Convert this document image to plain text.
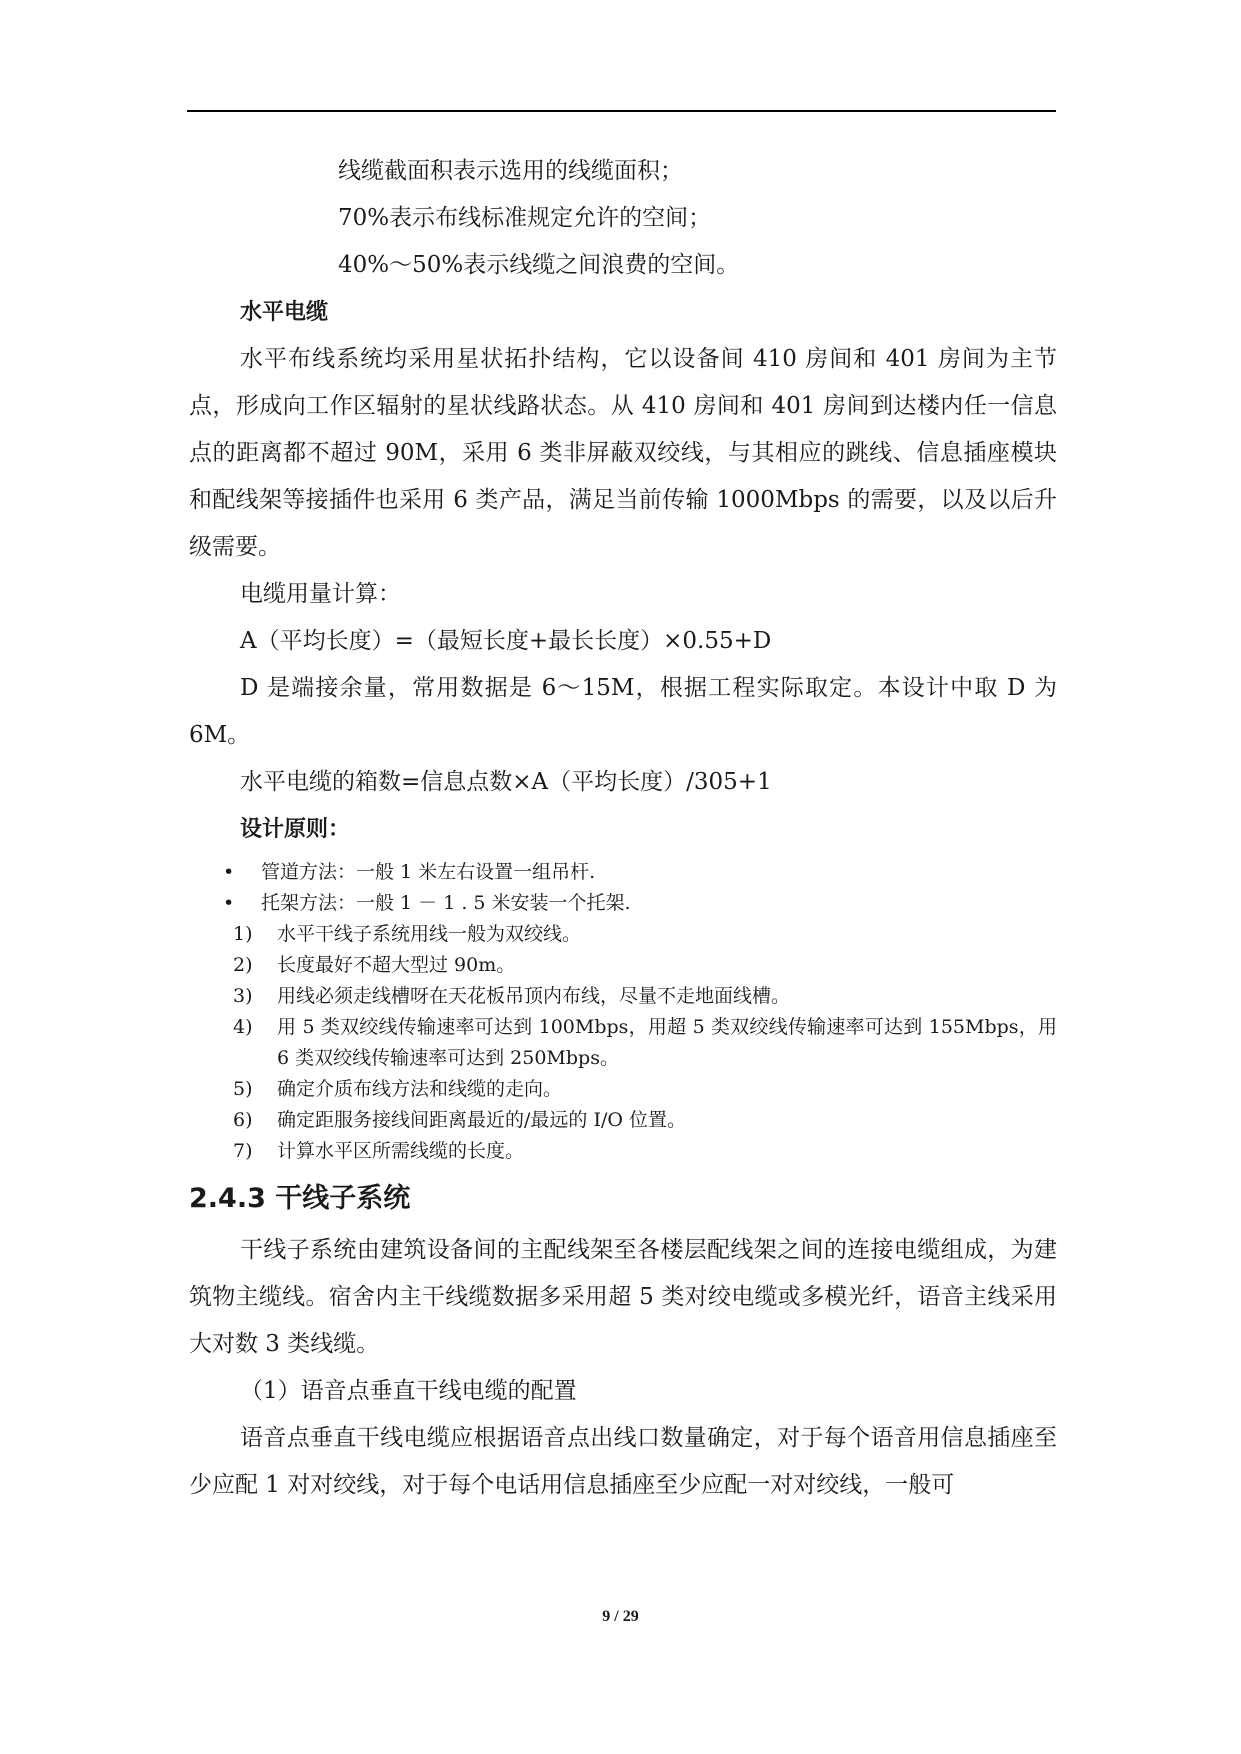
线缆截面积表示选用的线缆面积；

70%表示布线标准规定允许的空间；

40%～50%表示线缆之间浪费的空间。

水平电缆

水平布线系统均采用星状拓扑结构，它以设备间 410 房间和 401 房间为主节点，形成向工作区辐射的星状线路状态。从 410 房间和 401 房间到达楼内任一信息点的距离都不超过 90M，采用 6 类非屏蔽双绞线，与其相应的跳线、信息插座模块和配线架等接插件也采用 6 类产品，满足当前传输 1000Mbps 的需要，以及以后升级需要。

电缆用量计算：

A（平均长度）=（最短长度+最长长度）×0.55+D

D 是端接余量，常用数据是 6～15M，根据工程实际取定。本设计中取 D 为 6M。

水平电缆的箱数=信息点数×A（平均长度）/305+1

设计原则：
•	管道方法：一般 1 米左右设置一组吊杆.
•	托架方法：一般 1 － 1 . 5 米安装一个托架.
1)	水平干线子系统用线一般为双绞线。
2)	长度最好不超大型过 90m。
3)	用线必须走线槽呀在天花板吊顶内布线，尽量不走地面线槽。
4)	用 5 类双绞线传输速率可达到 100Mbps，用超 5 类双绞线传输速率可达到 155Mbps，用 6 类双绞线传输速率可达到 250Mbps。
5)	确定介质布线方法和线缆的走向。
6)	确定距服务接线间距离最近的/最远的 I/O 位置。
7)	计算水平区所需线缆的长度。
2.4.3 干线子系统

干线子系统由建筑设备间的主配线架至各楼层配线架之间的连接电缆组成，为建筑物主缆线。宿舍内主干线缆数据多采用超 5 类对绞电缆或多模光纤，语音主线采用大对数 3 类线缆。

（1）语音点垂直干线电缆的配置

语音点垂直干线电缆应根据语音点出线口数量确定，对于每个语音用信息插座至少应配 1 对对绞线，对于每个电话用信息插座至少应配一对对绞线，一般可

9 / 29
